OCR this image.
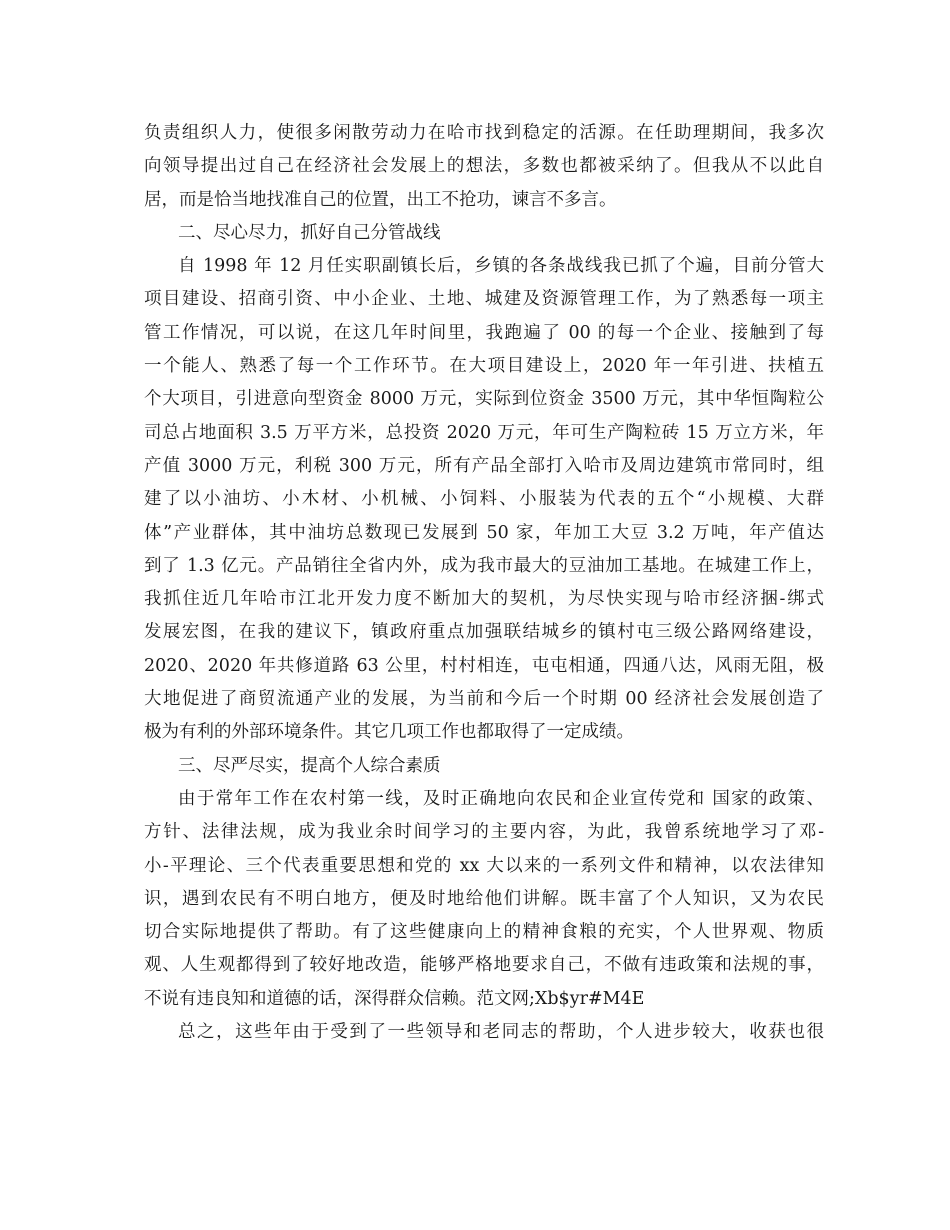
负责组织人力，使很多闲散劳动力在哈市找到稳定的活源。在任助理期间，我多次
向领导提出过自己在经济社会发展上的想法，多数也都被采纳了。但我从不以此自
居，而是恰当地找准自己的位置，出工不抢功，谏言不多言。
二、尽心尽力，抓好自己分管战线
自 1998 年 12 月任实职副镇长后，乡镇的各条战线我已抓了个遍，目前分管大
项目建设、招商引资、中小企业、土地、城建及资源管理工作，为了熟悉每一项主
管工作情况，可以说，在这几年时间里，我跑遍了 00 的每一个企业、接触到了每
一个能人、熟悉了每一个工作环节。在大项目建设上，2020 年一年引进、扶植五
个大项目，引进意向型资金 8000 万元，实际到位资金 3500 万元，其中华恒陶粒公
司总占地面积 3.5 万平方米，总投资 2020 万元，年可生产陶粒砖 15 万立方米，年
产值 3000 万元，利税 300 万元，所有产品全部打入哈市及周边建筑市常同时，组
建了以小油坊、小木材、小机械、小饲料、小服装为代表的五个“小规模、大群
体”产业群体，其中油坊总数现已发展到 50 家，年加工大豆 3.2 万吨，年产值达
到了 1.3 亿元。产品销往全省内外，成为我市最大的豆油加工基地。在城建工作上，
我抓住近几年哈市江北开发力度不断加大的契机，为尽快实现与哈市经济捆-绑式
发展宏图，在我的建议下，镇政府重点加强联结城乡的镇村屯三级公路网络建设，
2020、2020 年共修道路 63 公里，村村相连，屯屯相通，四通八达，风雨无阻，极
大地促进了商贸流通产业的发展，为当前和今后一个时期 00 经济社会发展创造了
极为有利的外部环境条件。其它几项工作也都取得了一定成绩。
三、尽严尽实，提高个人综合素质
由于常年工作在农村第一线，及时正确地向农民和企业宣传党和 国家的政策、
方针、法律法规，成为我业余时间学习的主要内容，为此，我曾系统地学习了邓-
小-平理论、三个代表重要思想和党的 xx 大以来的一系列文件和精神，以农法律知
识，遇到农民有不明白地方，便及时地给他们讲解。既丰富了个人知识，又为农民
切合实际地提供了帮助。有了这些健康向上的精神食粮的充实，个人世界观、物质
观、人生观都得到了较好地改造，能够严格地要求自己，不做有违政策和法规的事，
不说有违良知和道德的话，深得群众信赖。范文网;Xb$yr#M4E
总之，这些年由于受到了一些领导和老同志的帮助，个人进步较大，收获也很
